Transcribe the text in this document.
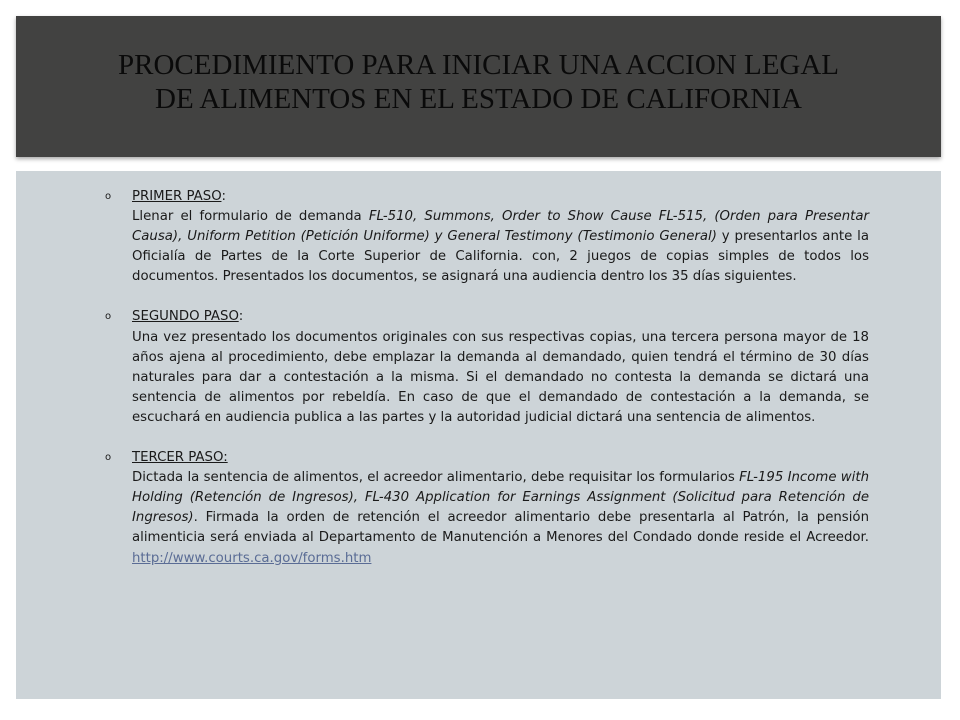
PROCEDIMIENTO PARA INICIAR UNA ACCION LEGAL
DE ALIMENTOS EN EL ESTADO DE CALIFORNIA
o PRIMER PASO:
Llenar el formulario de demanda FL-510, Summons, Order to Show Cause FL-515, (Orden para Presentar Causa), Uniform Petition (Petición Uniforme) y General Testimony (Testimonio General) y presentarlos ante la Oficialía de Partes de la Corte Superior de California. con, 2 juegos de copias simples de todos los documentos. Presentados los documentos, se asignará una audiencia dentro los 35 días siguientes.
o SEGUNDO PASO:
Una vez presentado los documentos originales con sus respectivas copias, una tercera persona mayor de 18 años ajena al procedimiento, debe emplazar la demanda al demandado, quien tendrá el término de 30 días naturales para dar a contestación a la misma. Si el demandado no contesta la demanda se dictará una sentencia de alimentos por rebeldía. En caso de que el demandado de contestación a la demanda, se escuchará en audiencia publica a las partes y la autoridad judicial dictará una sentencia de alimentos.
o TERCER PASO:
Dictada la sentencia de alimentos, el acreedor alimentario, debe requisitar los formularios FL-195 Income with Holding (Retención de Ingresos), FL-430 Application for Earnings Assignment (Solicitud para Retención de Ingresos). Firmada la orden de retención el acreedor alimentario debe presentarla al Patrón, la pensión alimenticia será enviada al Departamento de Manutención a Menores del Condado donde reside el Acreedor. http://www.courts.ca.gov/forms.htm
